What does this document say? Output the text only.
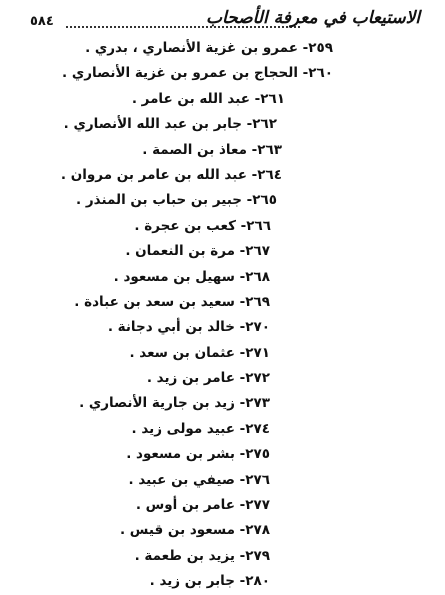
٥٨٤	الاستيعاب في معرفة الأصحاب
٢٥٩- عمرو بن غزية الأنصاري ، بدري .
٢٦٠- الحجاج بن عمرو بن غزية الأنصاري .
٢٦١- عبد الله بن عامر .
٢٦٢- جابر بن عبد الله الأنصاري .
٢٦٣- معاذ بن الصمة .
٢٦٤- عبد الله بن عامر بن مروان .
٢٦٥- جبير بن حباب بن المنذر .
٢٦٦- كعب بن عجرة .
٢٦٧- مرة بن النعمان .
٢٦٨- سهيل بن مسعود .
٢٦٩- سعيد بن سعد بن عبادة .
٢٧٠- خالد بن أبي دجانة .
٢٧١- عثمان بن سعد .
٢٧٢- عامر بن زيد .
٢٧٣- زيد بن جارية الأنصاري .
٢٧٤- عبيد مولى زيد .
٢٧٥- بشر بن مسعود .
٢٧٦- صيفي بن عبيد .
٢٧٧- عامر بن أوس .
٢٧٨- مسعود بن قيس .
٢٧٩- يزيد بن طعمة .
٢٨٠- جابر بن زيد .
